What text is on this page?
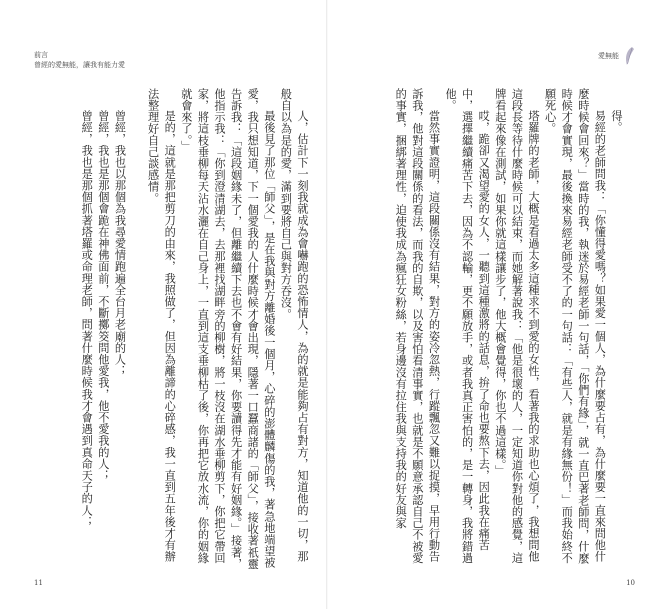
前言
曾經的愛無能，讓我有能力愛

人，估計下一刻我就成為會嚇跑的恐怖情人，為的就是能夠占有對方，知道他的一切，那般自以為是的愛，滿到要將自己與對方吞沒。

最後見了那位「師父」，是在我與對方離婚後一個月，心碎的澎體麟傷的我，著急地端望被愛，我只想知道，下一個愛我的人什麼時候才會出現，隱著一口蠶商諸的「師父」，接收著祇靈告訴我：「這段姻緣未了，但離繼續下去也不會有好結果，你要讀得先才能有好姻緣。」接著，他指示我：「你到澄清湖去，去那裡找湖畔旁的柳樹，將一枝沒在湖水垂柳剪下，你把它帶回家，將這枝垂柳每天沾水灑在自己身上，一直到這支垂柳枯了後，你再把它放水流，你的姻緣就會來了。」

是的，這就是那把剪刀的由來，我照做了，但因為離諦的心碎感，我一直到五年後才有辦法整理好自己談感情。

曾經，我也以那個為我尋愛情跑遍全台月老廟的人；

曾經，我也是那個會跪在神佛面前，不斷擲筊問他愛我，他不愛我的人；

曾經，我也是那個抓著塔羅或命理老師，問著什麼時候我才會遇到真命天子的人；

11
愛無能

得。

易經的老師問我：「你懂得愛嗎？如果愛一個人，為什麼要占有，為什麼要一直來問他什麼時候會回來？」當時的我，執迷於易經老師一句話，「你們有緣」，就一直巴著老師問，什麼時候才會實現，最後換來易經老師受不了的一句話：「有些人，就是有緣無份！」而我始終不願死心。

塔羅牌的老師，大概是看過太多這種求不到愛的女性，看著我的求助也心煩了，我想問他這段長等待什麼時候可以結束，而她解著說我：「他是很壞的人，一定知道你對他的感覺，這牌看起來像在測試，如果你就這樣讓步了，他大概會覺得，你也不過這樣。」

哎，跪卻又渴望愛的女人，一聽到這種激將的話息，拚了命也要熬下去，因此我在痛苦中，選擇繼續痛苦下去，因為不認輸，更不願放手，或者我真正害怕的，是一轉身，我將錯過他。

當然事實證明，這段關係沒有結果，對方的姿冷忽熱，行蹤飄忽又難以捉摸，早用行動告訴我，他對這段關係的看法，而我的自欺，以及害怕看清事實，也就是不願意承認自己不被愛的事實，捆綁著理性，迫使我成為瘋狂女粉絲，若身邊沒有拉住我與支持我的好友與家

10
